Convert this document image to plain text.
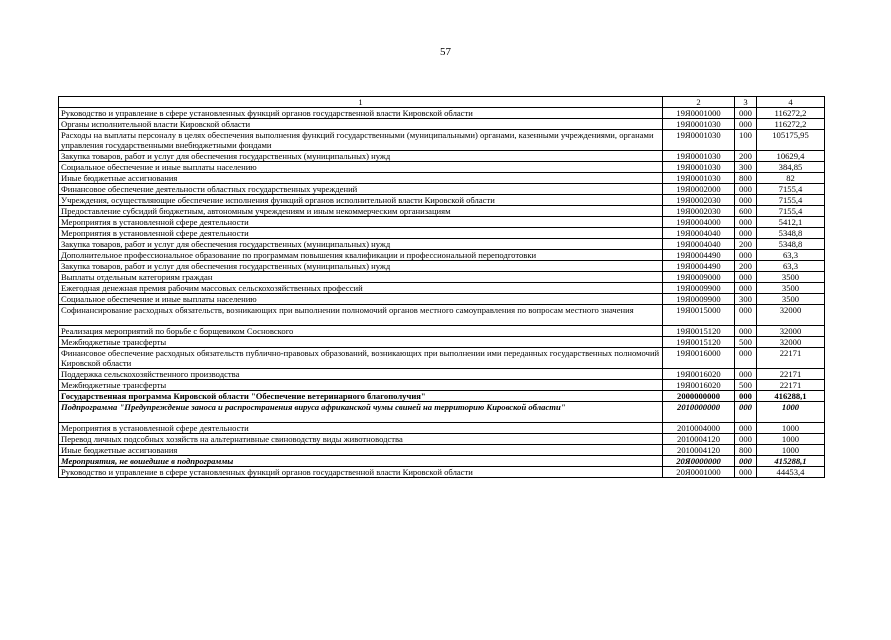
57
1	2	3	4
Руководство и управление в сфере установленных функций органов государственной власти Кировской области	19Я0001000	000	116272,2
Органы исполнительной власти Кировской области	19Я0001030	000	116272,2
Расходы на выплаты персоналу в целях обеспечения выполнения функций государственными (муниципальными) органами, казенными учреждениями, органами управления государственными внебюджетными фондами	19Я0001030	100	105175,95
Закупка товаров, работ и услуг для обеспечения государственных (муниципальных) нужд	19Я0001030	200	10629,4
Социальное обеспечение и иные выплаты населению	19Я0001030	300	384,85
Иные бюджетные ассигнования	19Я0001030	800	82
Финансовое обеспечение деятельности областных государственных учреждений	19Я0002000	000	7155,4
Учреждения, осуществляющие обеспечение исполнения функций органов исполнительной власти Кировской области	19Я0002030	000	7155,4
Предоставление субсидий бюджетным, автономным учреждениям и иным некоммерческим организациям	19Я0002030	600	7155,4
Мероприятия в установленной сфере деятельности	19Я0004000	000	5412,1
Мероприятия в установленной сфере деятельности	19Я0004040	000	5348,8
Закупка товаров, работ и услуг для обеспечения государственных (муниципальных) нужд	19Я0004040	200	5348,8
Дополнительное профессиональное образование по программам повышения квалификации и профессиональной переподготовки	19Я0004490	000	63,3
Закупка товаров, работ и услуг для обеспечения государственных (муниципальных) нужд	19Я0004490	200	63,3
Выплаты отдельным категориям граждан	19Я0009000	000	3500
Ежегодная денежная премия рабочим массовых сельскохозяйственных профессий	19Я0009900	000	3500
Социальное обеспечение и иные выплаты населению	19Я0009900	300	3500
Софинансирование расходных обязательств, возникающих при выполнении полномочий органов местного самоуправления по вопросам местного значения	19Я0015000	000	32000
Реализация мероприятий по борьбе с борщевиком Сосновского	19Я0015120	000	32000
Межбюджетные трансферты	19Я0015120	500	32000
Финансовое обеспечение расходных обязательств публично-правовых образований, возникающих при выполнении ими переданных государственных полномочий Кировской области	19Я0016000	000	22171
Поддержка сельскохозяйственного производства	19Я0016020	000	22171
Межбюджетные трансферты	19Я0016020	500	22171
Государственная программа Кировской области "Обеспечение ветеринарного благополучия"	2000000000	000	416288,1
Подпрограмма "Предупреждение заноса и распространения вируса африканской чумы свиней на территорию Кировской области"	2010000000	000	1000
Мероприятия в установленной сфере деятельности	2010004000	000	1000
Перевод личных подсобных хозяйств на альтернативные свиноводству виды животноводства	2010004120	000	1000
Иные бюджетные ассигнования	2010004120	800	1000
Мероприятия, не вошедшие в подпрограммы	20Я0000000	000	415288,1
Руководство и управление в сфере установленных функций органов государственной власти Кировской области	20Я0001000	000	44453,4
